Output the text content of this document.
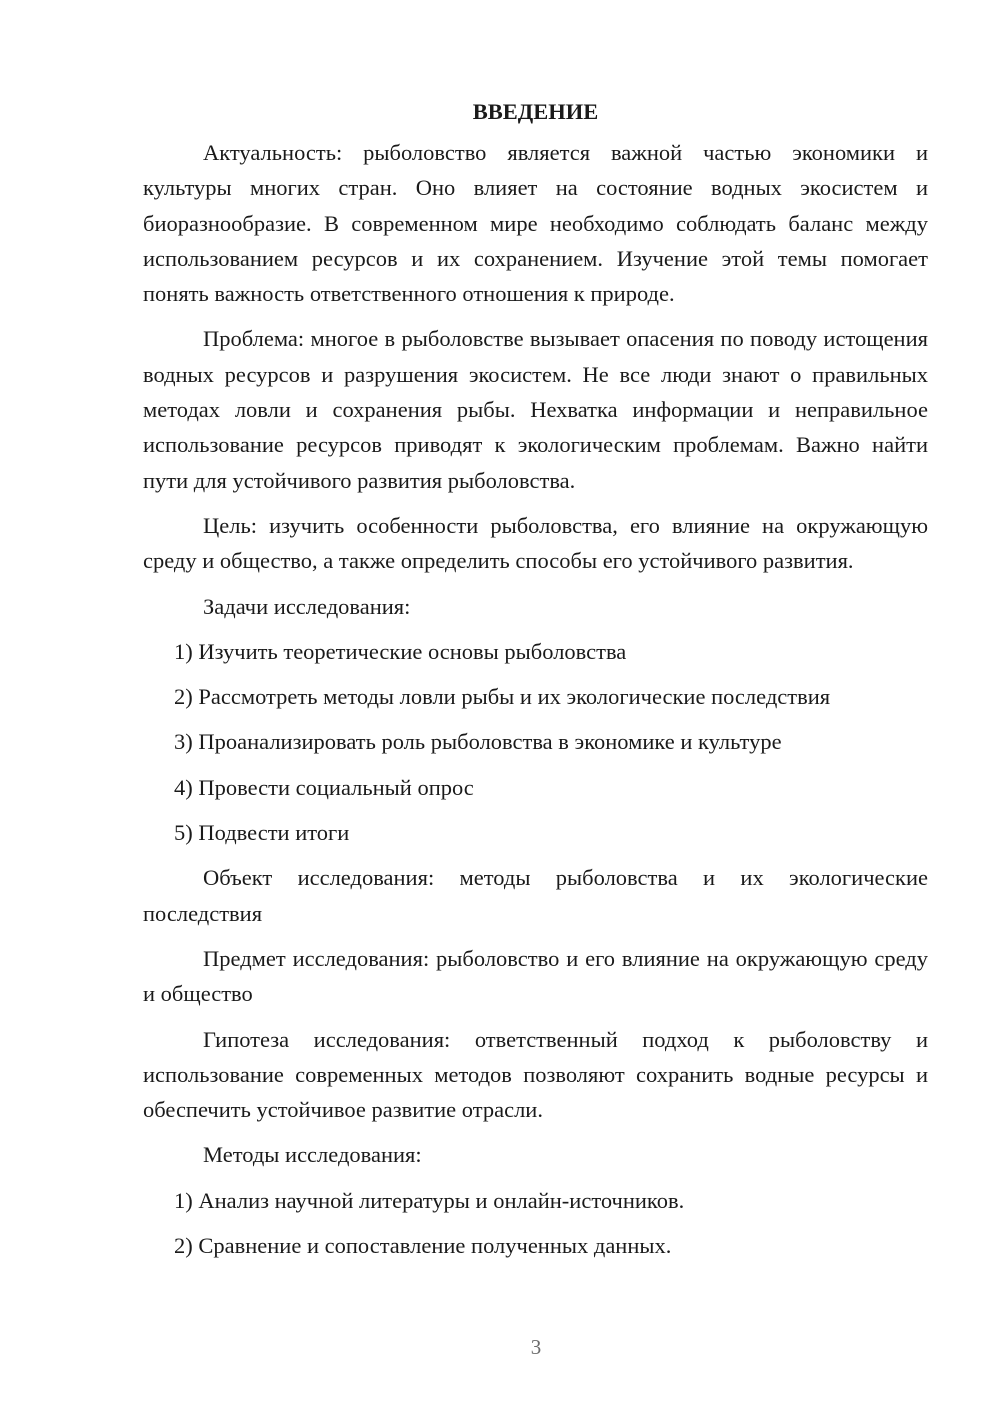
ВВЕДЕНИЕ

Актуальность: рыболовство является важной частью экономики и культуры многих стран. Оно влияет на состояние водных экосистем и биоразнообразие. В современном мире необходимо соблюдать баланс между использованием ресурсов и их сохранением. Изучение этой темы помогает понять важность ответственного отношения к природе.

Проблема: многое в рыболовстве вызывает опасения по поводу истощения водных ресурсов и разрушения экосистем. Не все люди знают о правильных методах ловли и сохранения рыбы. Нехватка информации и неправильное использование ресурсов приводят к экологическим проблемам. Важно найти пути для устойчивого развития рыболовства.

Цель: изучить особенности рыболовства, его влияние на окружающую среду и общество, а также определить способы его устойчивого развития.

Задачи исследования:

1) Изучить теоретические основы рыболовства

2) Рассмотреть методы ловли рыбы и их экологические последствия

3) Проанализировать роль рыболовства в экономике и культуре

4) Провести социальный опрос

5) Подвести итоги

Объект исследования: методы рыболовства и их экологические последствия

Предмет исследования: рыболовство и его влияние на окружающую среду и общество

Гипотеза исследования: ответственный подход к рыболовству и использование современных методов позволяют сохранить водные ресурсы и обеспечить устойчивое развитие отрасли.

Методы исследования:

1) Анализ научной литературы и онлайн-источников.

2) Сравнение и сопоставление полученных данных.

3
